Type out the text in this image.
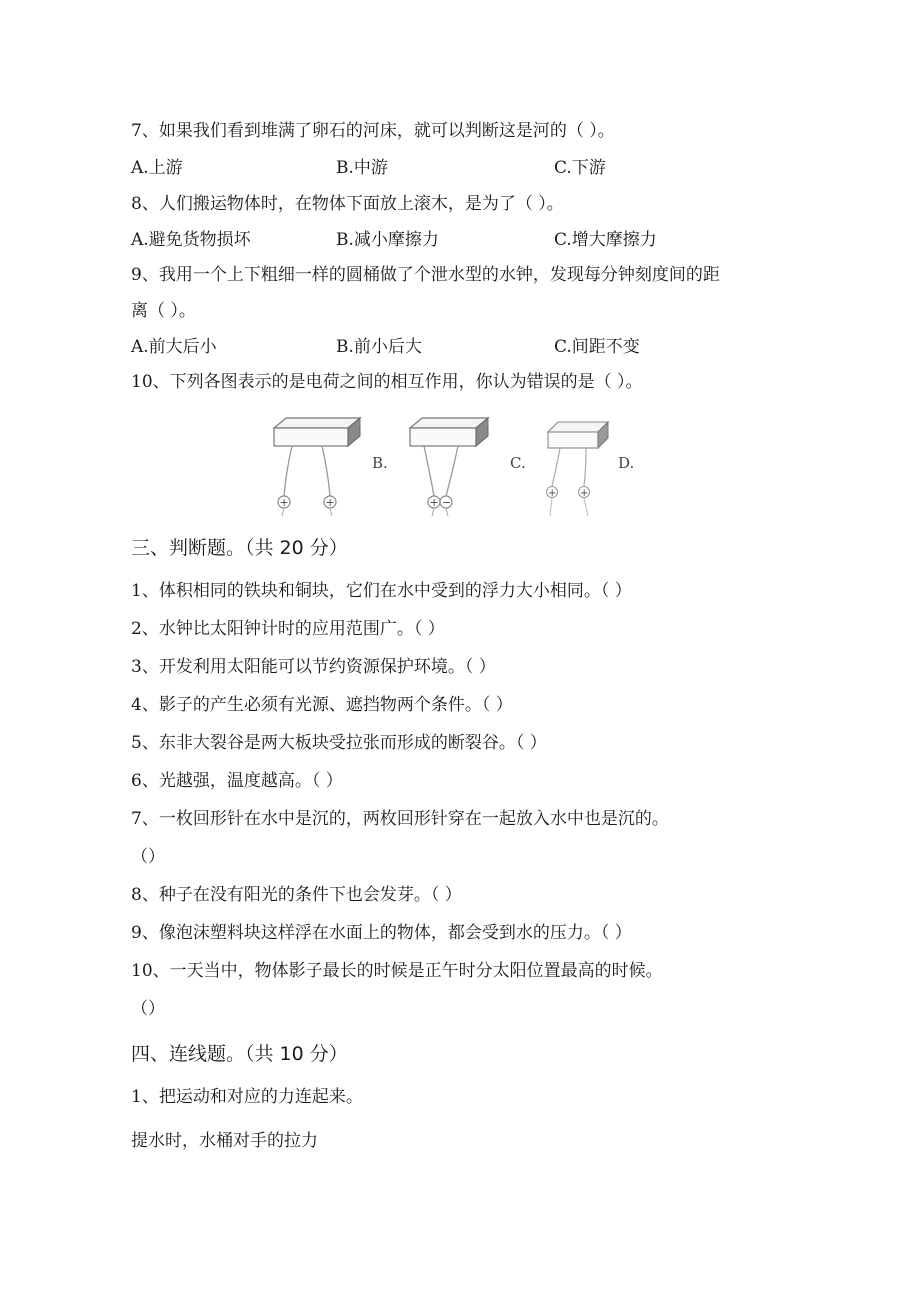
7、如果我们看到堆满了卵石的河床，就可以判断这是河的（ ）。
A.上游	B.中游	C.下游
8、人们搬运物体时，在物体下面放上滚木，是为了（ ）。
A.避免货物损坏	B.减小摩擦力	C.增大摩擦力
9、我用一个上下粗细一样的圆桶做了个泄水型的水钟，发现每分钟刻度间的距
离（ ）。
A.前大后小	B.前小后大	C.间距不变
10、下列各图表示的是电荷之间的相互作用，你认为错误的是（ ）。
+	+
B.
+ −
C.
+ +
D.
三、判断题。（共 20 分）
1、体积相同的铁块和铜块，它们在水中受到的浮力大小相同。（ ）
2、水钟比太阳钟计时的应用范围广。（ ）
3、开发利用太阳能可以节约资源保护环境。（ ）
4、影子的产生必须有光源、遮挡物两个条件。（ ）
5、东非大裂谷是两大板块受拉张而形成的断裂谷。（ ）
6、光越强，温度越高。（ ）
7、一枚回形针在水中是沉的，两枚回形针穿在一起放入水中也是沉的。
（）
8、种子在没有阳光的条件下也会发芽。（ ）
9、像泡沫塑料块这样浮在水面上的物体，都会受到水的压力。（ ）
10、一天当中，物体影子最长的时候是正午时分太阳位置最高的时候。
（）
四、连线题。（共 10 分）
1、把运动和对应的力连起来。
提水时，水桶对手的拉力
